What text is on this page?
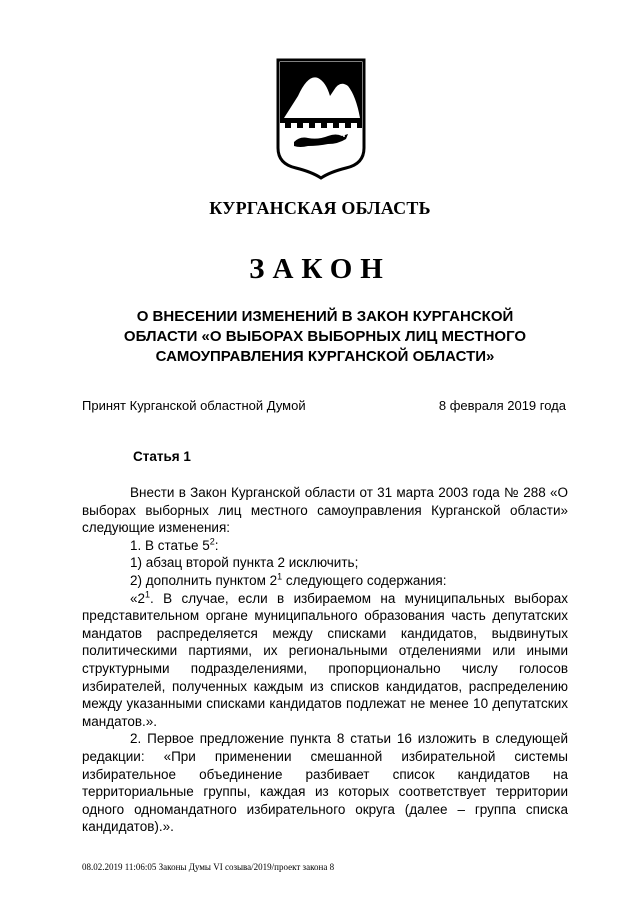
КУРГАНСКАЯ ОБЛАСТЬ
ЗАКОН
О ВНЕСЕНИИ ИЗМЕНЕНИЙ В ЗАКОН КУРГАНСКОЙ
ОБЛАСТИ «О ВЫБОРАХ ВЫБОРНЫХ ЛИЦ МЕСТНОГО
САМОУПРАВЛЕНИЯ КУРГАНСКОЙ ОБЛАСТИ»
Принят Курганской областной Думой	8 февраля 2019 года
Статья 1

Внести в Закон Курганской области от 31 марта 2003 года № 288 «О выборах выборных лиц местного самоуправления Курганской области» следующие изменения:

1. В статье $5^2$:

1) абзац второй пункта 2 исключить;

2) дополнить пунктом $2^1$ следующего содержания:

«$2^1$. В случае, если в избираемом на муниципальных выборах представительном органе муниципального образования часть депутатских мандатов распределяется между списками кандидатов, выдвинутых политическими партиями, их региональными отделениями или иными структурными подразделениями, пропорционально числу голосов избирателей, полученных каждым из списков кандидатов, распределению между указанными списками кандидатов подлежат не менее 10 депутатских мандатов.».

2. Первое предложение пункта 8 статьи 16 изложить в следующей редакции: «При применении смешанной избирательной системы избирательное объединение разбивает список кандидатов на территориальные группы, каждая из которых соответствует территории одного одномандатного избирательного округа (далее – группа списка кандидатов).».

08.02.2019 11:06:05 Законы Думы VI созыва/2019/проект закона 8
